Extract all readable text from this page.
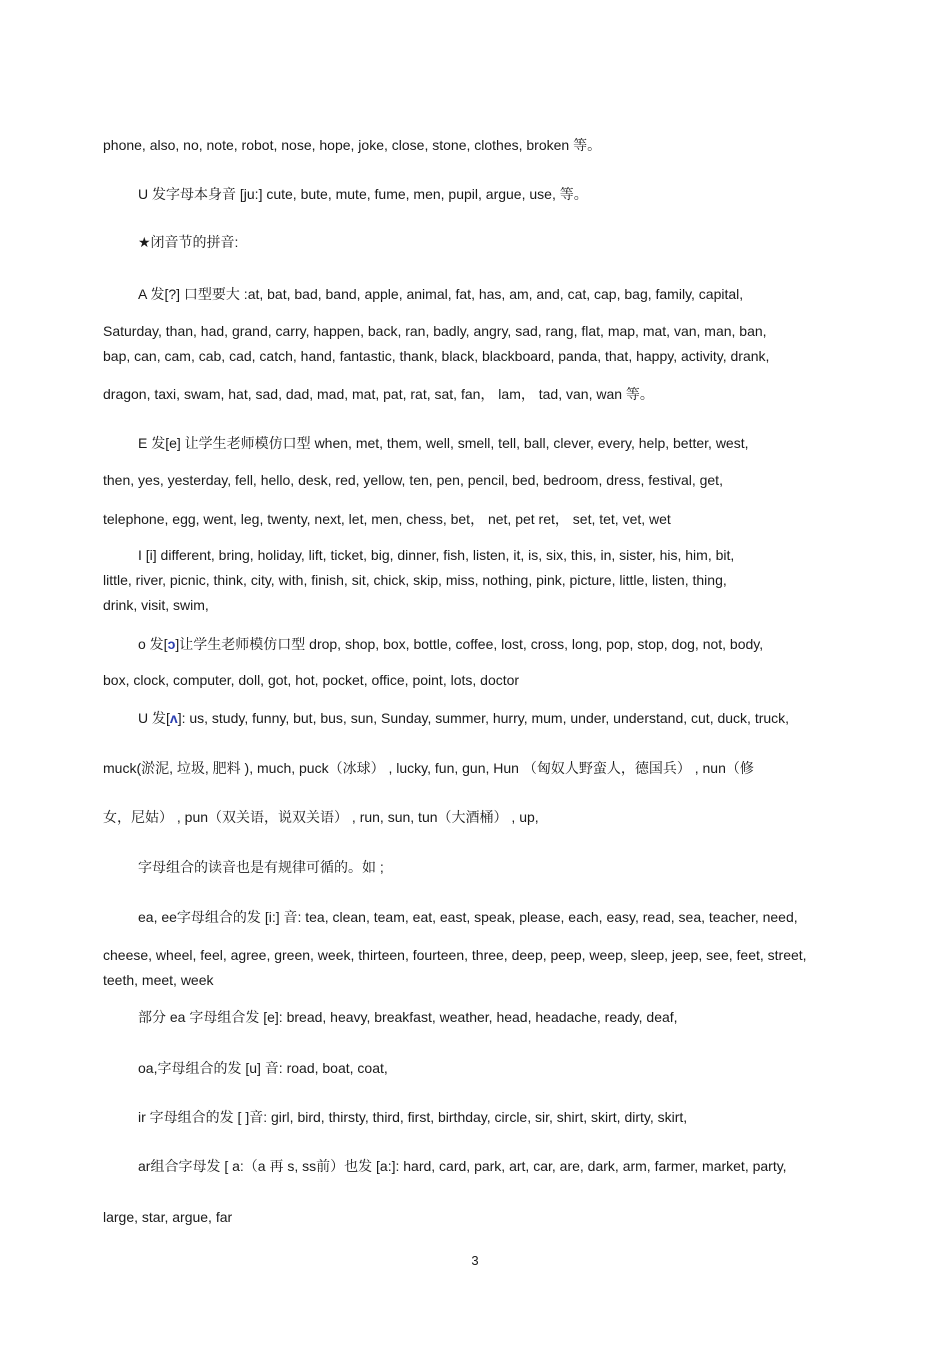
phone, also, no, note, robot, nose, hope, joke, close, stone, clothes, broken 等。
U 发字母本身音 [ju:] cute, bute, mute, fume, men, pupil, argue, use, 等。
★闭音节的拼音:
A 发[?] 口型要大 :at, bat, bad, band, apple, animal, fat, has, am, and, cat, cap, bag, family, capital,
Saturday, than, had, grand, carry, happen, back, ran, badly, angry, sad, rang, flat, map, mat, van, man, ban,
bap, can, cam, cab, cad, catch, hand, fantastic, thank, black, blackboard, panda, that, happy, activity, drank,
dragon, taxi, swam, hat, sad, dad, mad, mat, pat, rat, sat, fan， lam， tad, van, wan 等。
E 发[e] 让学生老师模仿口型 when, met, them, well, smell, tell, ball, clever, every, help, better, west,
then, yes, yesterday, fell, hello, desk, red, yellow, ten, pen, pencil, bed, bedroom, dress, festival, get,
telephone, egg, went, leg, twenty, next, let, men, chess, bet， net, pet ret， set, tet, vet, wet
I [i] different, bring, holiday, lift, ticket, big, dinner, fish, listen, it, is, six, this, in, sister, his, him, bit,
little, river, picnic, think, city, with, finish, sit, chick, skip, miss, nothing, pink, picture, little, listen, thing,
drink, visit, swim,
o 发[ɔ]让学生老师模仿口型 drop, shop, box, bottle, coffee, lost, cross, long, pop, stop, dog, not, body,
box, clock, computer, doll, got, hot, pocket, office, point, lots, doctor
U 发[ʌ]: us, study, funny, but, bus, sun, Sunday, summer, hurry, mum, under, understand, cut, duck, truck,
muck(淤泥, 垃圾, 肥料 ), much, puck（冰球） , lucky, fun, gun, Hun （匈奴人野蛮人，德国兵） , nun（修
女，尼姑） , pun（双关语，说双关语） , run, sun, tun（大酒桶） , up,
字母组合的读音也是有规律可循的。如 ;
ea, ee字母组合的发 [i:] 音: tea, clean, team, eat, east, speak, please, each, easy, read, sea, teacher, need,
cheese, wheel, feel, agree, green, week, thirteen, fourteen, three, deep, peep, weep, sleep, jeep, see, feet, street,
teeth, meet, week
部分 ea 字母组合发 [e]: bread, heavy, breakfast, weather, head, headache, ready, deaf,
oa,字母组合的发 [u] 音: road, boat, coat,
ir 字母组合的发 [ ]音: girl, bird, thirsty, third, first, birthday, circle, sir, shirt, skirt, dirty, skirt,
ar组合字母发 [ a:（a 再 s, ss前）也发 [a:]: hard, card, park, art, car, are, dark, arm, farmer, market, party,
large, star, argue, far
3
